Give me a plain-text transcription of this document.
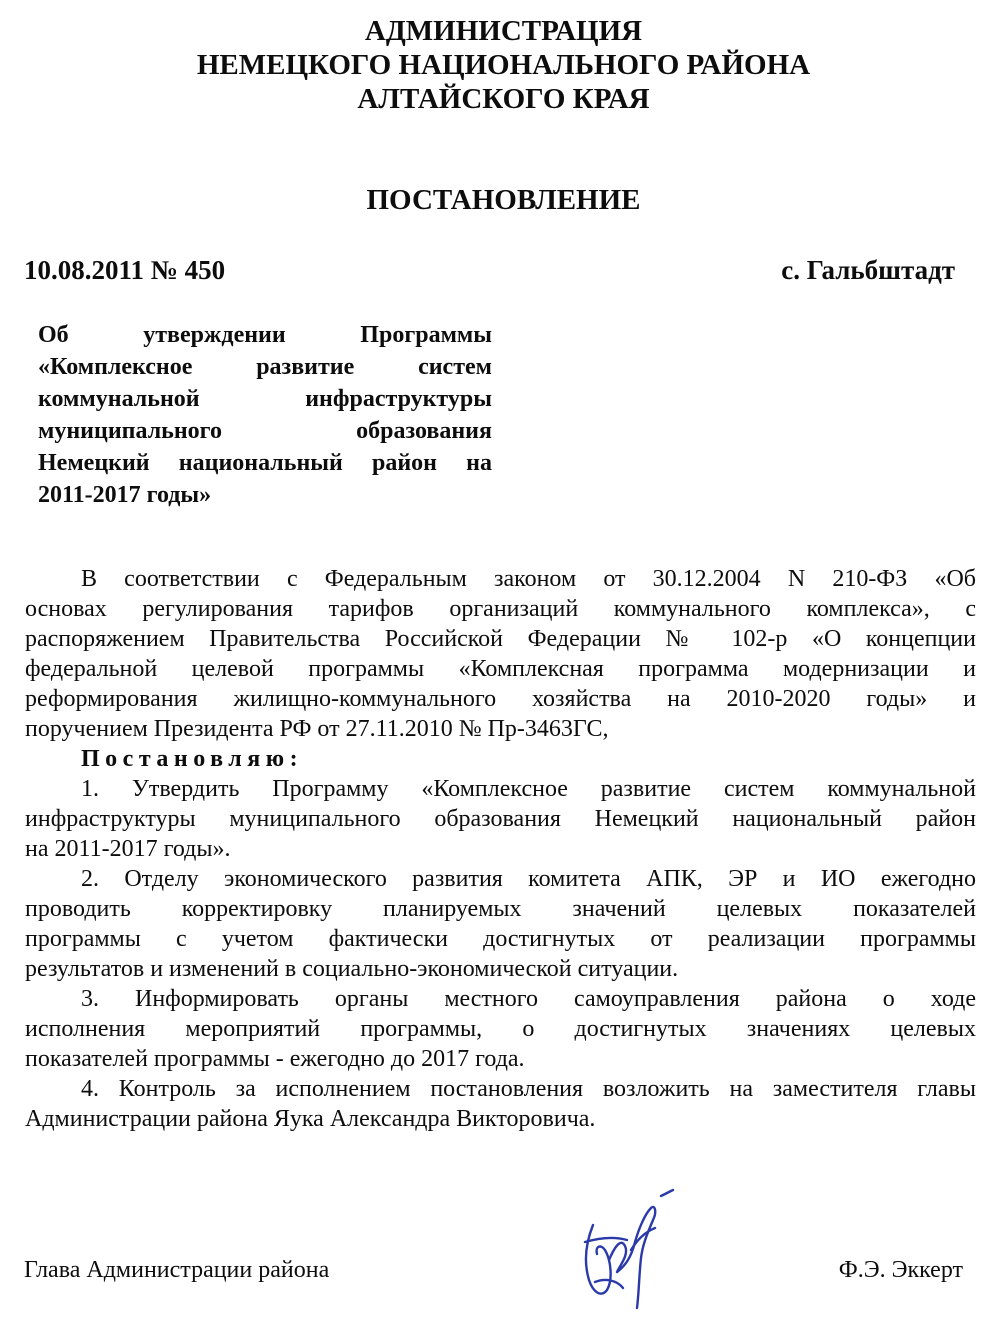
АДМИНИСТРАЦИЯ
НЕМЕЦКОГО НАЦИОНАЛЬНОГО РАЙОНА
АЛТАЙСКОГО КРАЯ
ПОСТАНОВЛЕНИЕ
10.08.2011 № 450	с. Гальбштадт
Об утверждении Программы
«Комплексное развитие систем
коммунальной инфраструктуры
муниципального образования
Немецкий национальный район на
2011-2017 годы»
В соответствии с Федеральным законом от 30.12.2004 N 210-ФЗ «Об
основах регулирования тарифов организаций коммунального комплекса», с
распоряжением Правительства Российской Федерации № 102-р «О концепции
федеральной целевой программы «Комплексная программа модернизации и
реформирования жилищно-коммунального хозяйства на 2010-2020 годы» и
поручением Президента РФ от 27.11.2010 № Пр-3463ГС,
Постановляю:
1. Утвердить Программу «Комплексное развитие систем коммунальной
инфраструктуры муниципального образования Немецкий национальный район
на 2011-2017 годы».
2. Отделу экономического развития комитета АПК, ЭР и ИО ежегодно
проводить корректировку планируемых значений целевых показателей
программы с учетом фактически достигнутых от реализации программы
результатов и изменений в социально-экономической ситуации.
3. Информировать органы местного самоуправления района о ходе
исполнения мероприятий программы, о достигнутых значениях целевых
показателей программы - ежегодно до 2017 года.
4. Контроль за исполнением постановления возложить на заместителя главы
Администрации района Яука Александра Викторовича.
Глава Администрации района	Ф.Э. Эккерт
